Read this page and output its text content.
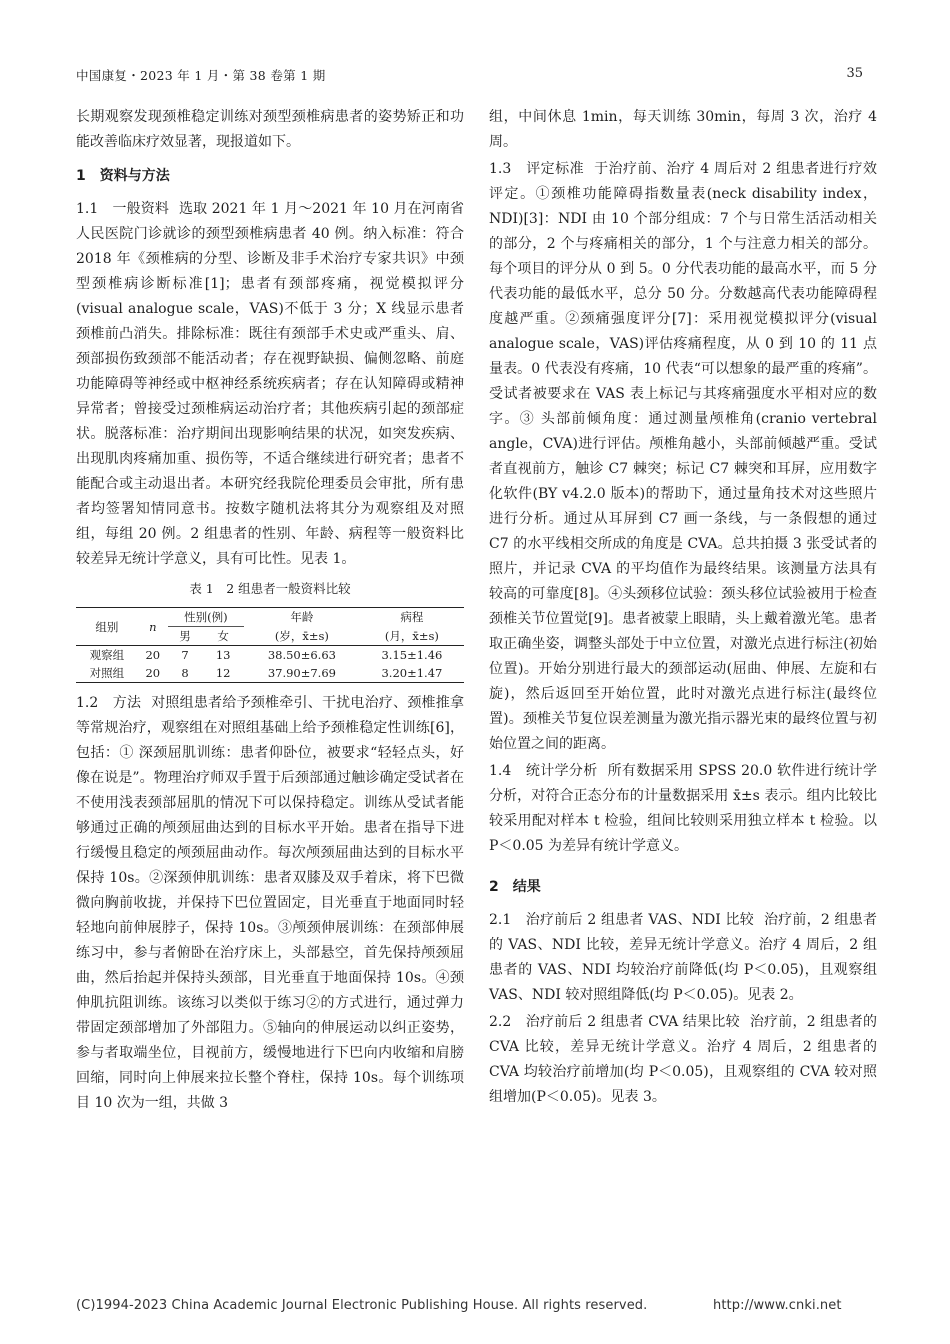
中国康复・2023 年 1 月・第 38 卷第 1 期	35

长期观察发现颈椎稳定训练对颈型颈椎病患者的姿势矫正和功能改善临床疗效显著，现报道如下。

1 资料与方法

1.1　一般资料 选取 2021 年 1 月～2021 年 10 月在河南省人民医院门诊就诊的颈型颈椎病患者 40 例。纳入标准：符合 2018 年《颈椎病的分型、诊断及非手术治疗专家共识》中颈型颈椎病诊断标准[1]；患者有颈部疼痛，视觉模拟评分(visual analogue scale，VAS)不低于 3 分；X 线显示患者颈椎前凸消失。排除标准：既往有颈部手术史或严重头、肩、颈部损伤致颈部不能活动者；存在视野缺损、偏侧忽略、前庭功能障碍等神经或中枢神经系统疾病者；存在认知障碍或精神异常者；曾接受过颈椎病运动治疗者；其他疾病引起的颈部症状。脱落标准：治疗期间出现影响结果的状况，如突发疾病、出现肌肉疼痛加重、损伤等，不适合继续进行研究者；患者不能配合或主动退出者。本研究经我院伦理委员会审批，所有患者均签署知情同意书。按数字随机法将其分为观察组及对照组，每组 20 例。2 组患者的性别、年龄、病程等一般资料比较差异无统计学意义，具有可比性。见表 1。

表 1　2 组患者一般资料比较

组别	n	性别(例)		年龄	病程
		男	女	(岁，x̄±s)	(月，x̄±s)
观察组	20	7	13	38.50±6.63	3.15±1.46
对照组	20	8	12	37.90±7.69	3.20±1.47

1.2　方法 对照组患者给予颈椎牵引、干扰电治疗、颈椎推拿等常规治疗，观察组在对照组基础上给予颈椎稳定性训练[6]，包括：① 深颈屈肌训练：患者仰卧位，被要求“轻轻点头，好像在说是”。物理治疗师双手置于后颈部通过触诊确定受试者在不使用浅表颈部屈肌的情况下可以保持稳定。训练从受试者能够通过正确的颅颈屈曲达到的目标水平开始。患者在指导下进行缓慢且稳定的颅颈屈曲动作。每次颅颈屈曲达到的目标水平保持 10s。②深颈伸肌训练：患者双膝及双手着床，将下巴微微向胸前收拢，并保持下巴位置固定，目光垂直于地面同时轻轻地向前伸展脖子，保持 10s。③颅颈伸展训练：在颈部伸展练习中，参与者俯卧在治疗床上，头部悬空，首先保持颅颈屈曲，然后抬起并保持头颈部，目光垂直于地面保持 10s。④颈伸肌抗阻训练。该练习以类似于练习②的方式进行，通过弹力带固定颈部增加了外部阻力。⑤轴向的伸展运动以纠正姿势，参与者取端坐位，目视前方，缓慢地进行下巴向内收缩和肩膀回缩，同时向上伸展来拉长整个脊柱，保持 10s。每个训练项目 10 次为一组，共做 3

组，中间休息 1min，每天训练 30min，每周 3 次，治疗 4 周。

1.3　评定标准 于治疗前、治疗 4 周后对 2 组患者进行疗效评定。①颈椎功能障碍指数量表(neck disability index，NDI)[3]：NDI 由 10 个部分组成：7 个与日常生活活动相关的部分，2 个与疼痛相关的部分，1 个与注意力相关的部分。每个项目的评分从 0 到 5。0 分代表功能的最高水平，而 5 分代表功能的最低水平，总分 50 分。分数越高代表功能障碍程度越严重。②颈痛强度评分[7]：采用视觉模拟评分(visual analogue scale，VAS)评估疼痛程度，从 0 到 10 的 11 点量表。0 代表没有疼痛，10 代表“可以想象的最严重的疼痛”。受试者被要求在 VAS 表上标记与其疼痛强度水平相对应的数字。③ 头部前倾角度：通过测量颅椎角(cranio vertebral angle，CVA)进行评估。颅椎角越小，头部前倾越严重。受试者直视前方，触诊 C7 棘突；标记 C7 棘突和耳屏，应用数字化软件(BY v4.2.0 版本)的帮助下，通过量角技术对这些照片进行分析。通过从耳屏到 C7 画一条线，与一条假想的通过 C7 的水平线相交所成的角度是 CVA。总共拍摄 3 张受试者的照片，并记录 CVA 的平均值作为最终结果。该测量方法具有较高的可靠度[8]。④头颈移位试验：颈头移位试验被用于检查颈椎关节位置觉[9]。患者被蒙上眼睛，头上戴着激光笔。患者取正确坐姿，调整头部处于中立位置，对激光点进行标注(初始位置)。开始分别进行最大的颈部运动(屈曲、伸展、左旋和右旋)，然后返回至开始位置，此时对激光点进行标注(最终位置)。颈椎关节复位误差测量为激光指示器光束的最终位置与初始位置之间的距离。

1.4　统计学分析 所有数据采用 SPSS 20.0 软件进行统计学分析，对符合正态分布的计量数据采用 x̄±s 表示。组内比较比较采用配对样本 t 检验，组间比较则采用独立样本 t 检验。以 P＜0.05 为差异有统计学意义。

2 结果

2.1　治疗前后 2 组患者 VAS、NDI 比较 治疗前，2 组患者的 VAS、NDI 比较，差异无统计学意义。治疗 4 周后，2 组患者的 VAS、NDI 均较治疗前降低(均 P＜0.05)，且观察组 VAS、NDI 较对照组降低(均 P＜0.05)。见表 2。

2.2　治疗前后 2 组患者 CVA 结果比较 治疗前，2 组患者的 CVA 比较，差异无统计学意义。治疗 4 周后，2 组患者的 CVA 均较治疗前增加(均 P＜0.05)，且观察组的 CVA 较对照组增加(P＜0.05)。见表 3。

(C)1994-2023 China Academic Journal Electronic Publishing House. All rights reserved.	http://www.cnki.net
